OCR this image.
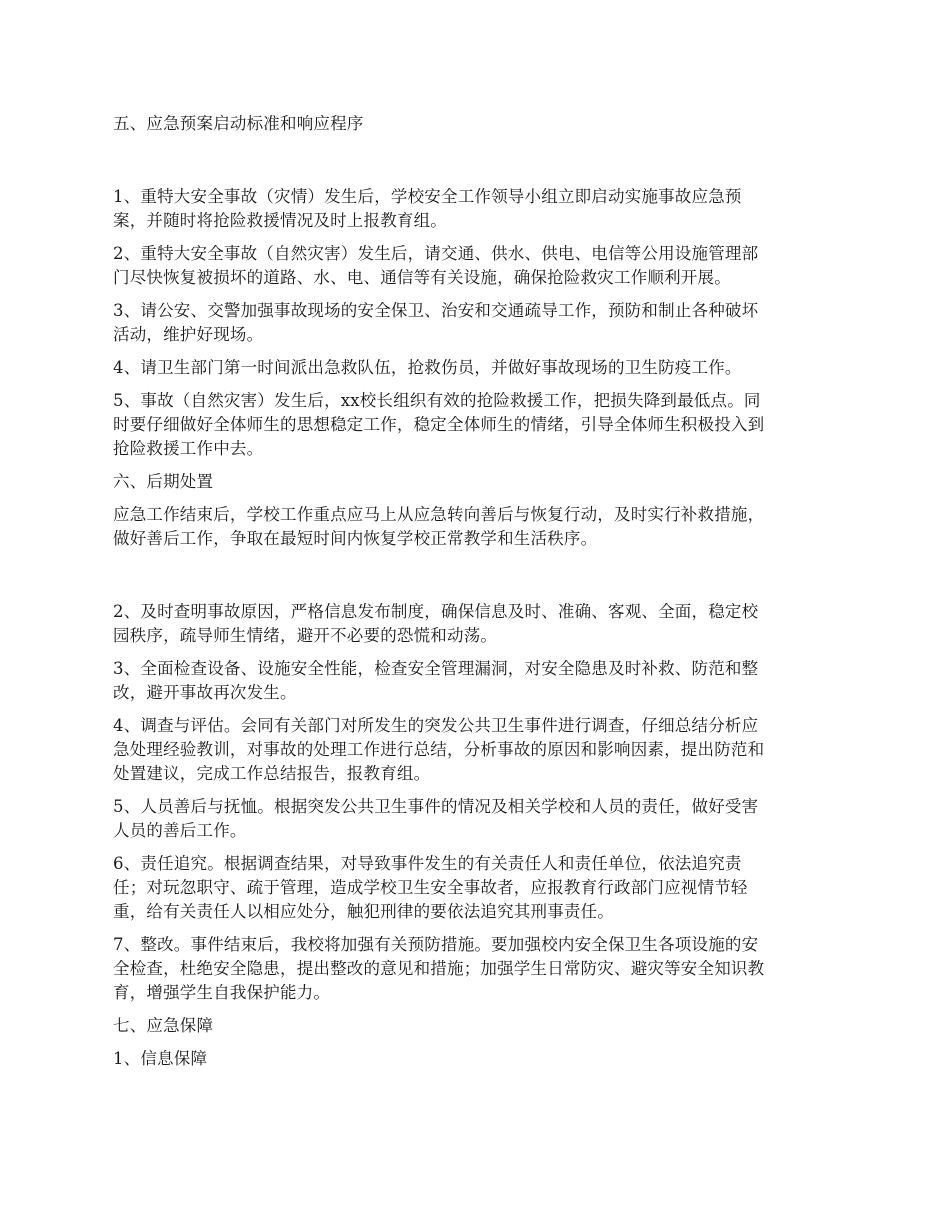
五、应急预案启动标准和响应程序
1、重特大安全事故（灾情）发生后，学校安全工作领导小组立即启动实施事故应急预
案，并随时将抢险救援情况及时上报教育组。
2、重特大安全事故（自然灾害）发生后，请交通、供水、供电、电信等公用设施管理部
门尽快恢复被损坏的道路、水、电、通信等有关设施，确保抢险救灾工作顺利开展。
3、请公安、交警加强事故现场的安全保卫、治安和交通疏导工作，预防和制止各种破坏
活动，维护好现场。
4、请卫生部门第一时间派出急救队伍，抢救伤员，并做好事故现场的卫生防疫工作。
5、事故（自然灾害）发生后，xx校长组织有效的抢险救援工作，把损失降到最低点。同
时要仔细做好全体师生的思想稳定工作，稳定全体师生的情绪，引导全体师生积极投入到
抢险救援工作中去。
六、后期处置
应急工作结束后，学校工作重点应马上从应急转向善后与恢复行动，及时实行补救措施，
做好善后工作，争取在最短时间内恢复学校正常教学和生活秩序。
2、及时查明事故原因，严格信息发布制度，确保信息及时、准确、客观、全面，稳定校
园秩序，疏导师生情绪，避开不必要的恐慌和动荡。
3、全面检查设备、设施安全性能，检查安全管理漏洞，对安全隐患及时补救、防范和整
改，避开事故再次发生。
4、调查与评估。会同有关部门对所发生的突发公共卫生事件进行调查，仔细总结分析应
急处理经验教训，对事故的处理工作进行总结，分析事故的原因和影响因素，提出防范和
处置建议，完成工作总结报告，报教育组。
5、人员善后与抚恤。根据突发公共卫生事件的情况及相关学校和人员的责任，做好受害
人员的善后工作。
6、责任追究。根据调查结果，对导致事件发生的有关责任人和责任单位，依法追究责
任；对玩忽职守、疏于管理，造成学校卫生安全事故者，应报教育行政部门应视情节轻
重，给有关责任人以相应处分，触犯刑律的要依法追究其刑事责任。
7、整改。事件结束后，我校将加强有关预防措施。要加强校内安全保卫生各项设施的安
全检查，杜绝安全隐患，提出整改的意见和措施；加强学生日常防灾、避灾等安全知识教
育，增强学生自我保护能力。
七、应急保障
1、信息保障
